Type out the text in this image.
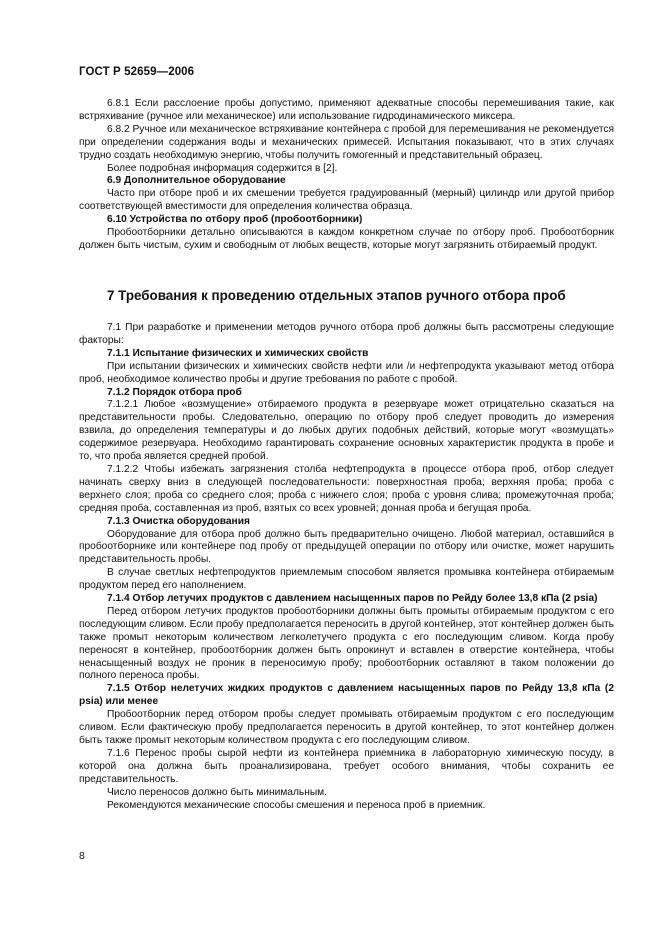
ГОСТ Р 52659—2006

6.8.1 Если расслоение пробы допустимо, применяют адекватные способы перемешивания такие, как встряхивание (ручное или механическое) или использование гидродинамического миксера.

6.8.2 Ручное или механическое встряхивание контейнера с пробой для перемешивания не рекомендуется при определении содержания воды и механических примесей. Испытания показывают, что в этих случаях трудно создать необходимую энергию, чтобы получить гомогенный и представительный образец.

Более подробная информация содержится в [2].

6.9 Дополнительное оборудование

Часто при отборе проб и их смешении требуется градуированный (мерный) цилиндр или другой прибор соответствующей вместимости для определения количества образца.

6.10 Устройства по отбору проб (пробоотборники)

Пробоотборники детально описываются в каждом конкретном случае по отбору проб. Пробоотборник должен быть чистым, сухим и свободным от любых веществ, которые могут загрязнить отбираемый продукт.

7 Требования к проведению отдельных этапов ручного отбора проб

7.1 При разработке и применении методов ручного отбора проб должны быть рассмотрены следующие факторы:

7.1.1 Испытание физических и химических свойств

При испытании физических и химических свойств нефти или /и нефтепродукта указывают метод отбора проб, необходимое количество пробы и другие требования по работе с пробой.

7.1.2 Порядок отбора проб

7.1.2.1 Любое «возмущение» отбираемого продукта в резервуаре может отрицательно сказаться на представительности пробы. Следовательно, операцию по отбору проб следует проводить до измерения взвила, до определения температуры и до любых других подобных действий, которые могут «возмущать» содержимое резервуара. Необходимо гарантировать сохранение основных характеристик продукта в пробе и то, что проба является средней пробой.

7.1.2.2 Чтобы избежать загрязнения столба нефтепродукта в процессе отбора проб, отбор следует начинать сверху вниз в следующей последовательности: поверхностная проба; верхняя проба; проба с верхнего слоя; проба со среднего слоя; проба с нижнего слоя; проба с уровня слива; промежуточная проба; средняя проба, составленная из проб, взятых со всех уровней; донная проба и бегущая проба.

7.1.3 Очистка оборудования

Оборудование для отбора проб должно быть предварительно очищено. Любой материал, оставшийся в пробоотборнике или контейнере под пробу от предыдущей операции по отбору или очистке, может нарушить представительность пробы.

В случае светлых нефтепродуктов приемлемым способом является промывка контейнера отбираемым продуктом перед его наполнением.

7.1.4 Отбор летучих продуктов с давлением насыщенных паров по Рейду более 13,8 кПа (2 psia)

Перед отбором летучих продуктов пробоотборники должны быть промыты отбираемым продуктом с его последующим сливом. Если пробу предполагается переносить в другой контейнер, этот контейнер должен быть также промыт некоторым количеством легколетучего продукта с его последующим сливом. Когда пробу переносят в контейнер, пробоотборник должен быть опрокинут и вставлен в отверстие контейнера, чтобы ненасыщенный воздух не проник в переносимую пробу; пробоотборник оставляют в таком положении до полного переноса пробы.

7.1.5 Отбор нелетучих жидких продуктов с давлением насыщенных паров по Рейду 13,8 кПа (2 psia) или менее

Пробоотборник перед отбором пробы следует промывать отбираемым продуктом с его последующим сливом. Если фактическую пробу предполагается переносить в другой контейнер, то этот контейнер должен быть также промыт некоторым количеством продукта с его последующим сливом.

7.1.6 Перенос пробы сырой нефти из контейнера приемника в лабораторную химическую посуду, в которой она должна быть проанализирована, требует особого внимания, чтобы сохранить ее представительность.

Число переносов должно быть минимальным.

Рекомендуются механические способы смешения и переноса проб в приемник.

8
